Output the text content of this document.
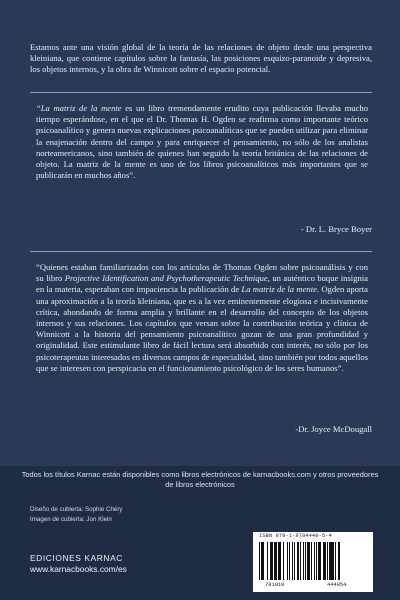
Estamos ante una visión global de la teoría de las relaciones de objeto desde una perspectiva kleiniana, que contiene capítulos sobre la fantasía, las posiciones esquizo-paranoide y depresiva, los objetos internos, y la obra de Winnicott sobre el espacio potencial.

“La matriz de la mente es un libro tremendamente erudito cuya publicación llevaba mucho tiempo esperándose, en el que el Dr. Thomas H. Ogden se reafirma como importante teórico psicoanalítico y genera nuevas explicaciones psicoanalíticas que se pueden utilizar para eliminar la enajenación dentro del campo y para enriquecer el pensamiento, no sólo de los analistas norteamericanos, sino también de quienes han seguido la teoría británica de las relaciones de objeto. La matriz de la mente es uno de los libros psicoanalíticos más importantes que se publicarán en muchos años”.

- Dr. L. Bryce Boyer

“Quienes estaban familiarizados con los artículos de Thomas Ogden sobre psicoanálisis y con su libro Projective Identification and Psychotherapeutic Technique, un auténtico buque insignia en la materia, esperaban con impaciencia la publicación de La matriz de la mente. Ogden aporta una aproximación a la teoría kleiniana, que es a la vez eminentemente elogiosa e incisivamente crítica, ahondando de forma amplia y brillante en el desarrollo del concepto de los objetos internos y sus relaciones. Los capítulos que versan sobre la contribución teórica y clínica de Winnicott a la historia del pensamiento psicoanalítico gozan de una gran profundidad y originalidad. Este estimulante libro de fácil lectura será absorbido con interés, no sólo por los psicoterapeutas interesados en diversos campos de especialidad, sino también por todos aquellos que se interesen con perspicacia en el funcionamiento psicológico de los seres humanos”.

-Dr. Joyce McDougall
Todos los títulos Karnac están disponibles como libros electrónicos de karnacbooks.com y otros proveedores de libros electrónicos
Diseño de cubierta: Sophie Chéry
Imagen de cubierta: Jon Klein
EDICIONES KARNAC
www.karnacbooks.com/es
ISBN 978-1-9784440-5-4
781910	444054
